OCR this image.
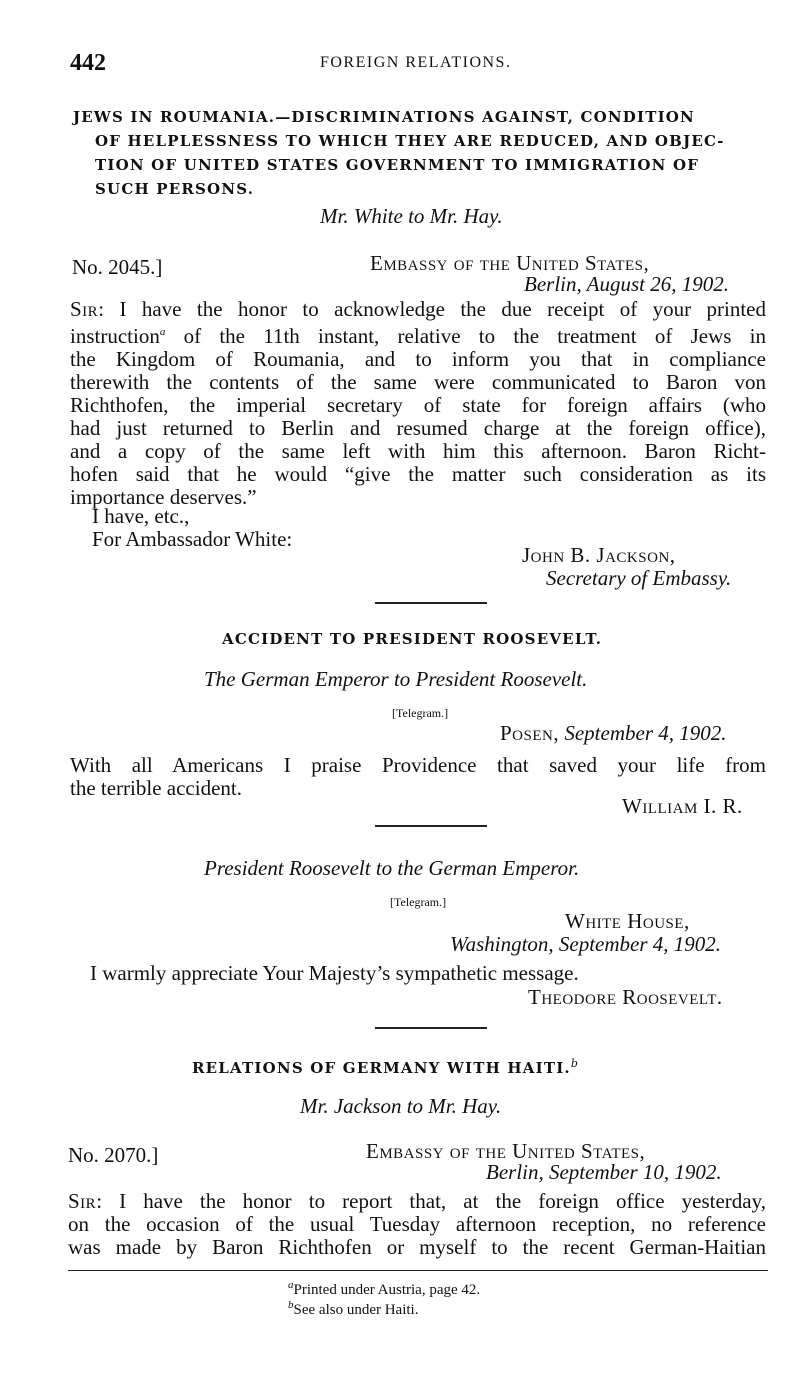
442	FOREIGN RELATIONS.
JEWS IN ROUMANIA.—DISCRIMINATIONS AGAINST, CONDITION
OF HELPLESSNESS TO WHICH THEY ARE REDUCED, AND OBJEC-
TION OF UNITED STATES GOVERNMENT TO IMMIGRATION OF
SUCH PERSONS.
Mr. White to Mr. Hay.
No. 2045.]	Embassy of the United States,
Berlin, August 26, 1902.
Sir: I have the honor to acknowledge the due receipt of your printed
instruction$^a$ of the 11th instant, relative to the treatment of Jews in
the Kingdom of Roumania, and to inform you that in compliance
therewith the contents of the same were communicated to Baron von
Richthofen, the imperial secretary of state for foreign affairs (who
had just returned to Berlin and resumed charge at the foreign office),
and a copy of the same left with him this afternoon. Baron Richt-
hofen said that he would “give the matter such consideration as its
importance deserves.”
I have, etc.,
For Ambassador White:
John B. Jackson,
Secretary of Embassy.
ACCIDENT TO PRESIDENT ROOSEVELT.
The German Emperor to President Roosevelt.
[Telegram.]
Posen, September 4, 1902.
With all Americans I praise Providence that saved your life from
the terrible accident.
William I. R.
President Roosevelt to the German Emperor.
[Telegram.]
White House,
Washington, September 4, 1902.
I warmly appreciate Your Majesty’s sympathetic message.
Theodore Roosevelt.
RELATIONS OF GERMANY WITH HAITI.$^b$
Mr. Jackson to Mr. Hay.
No. 2070.]	Embassy of the United States,
Berlin, September 10, 1902.
Sir: I have the honor to report that, at the foreign office yesterday,
on the occasion of the usual Tuesday afternoon reception, no reference
was made by Baron Richthofen or myself to the recent German-Haitian
$^a$Printed under Austria, page 42.
$^b$See also under Haiti.
